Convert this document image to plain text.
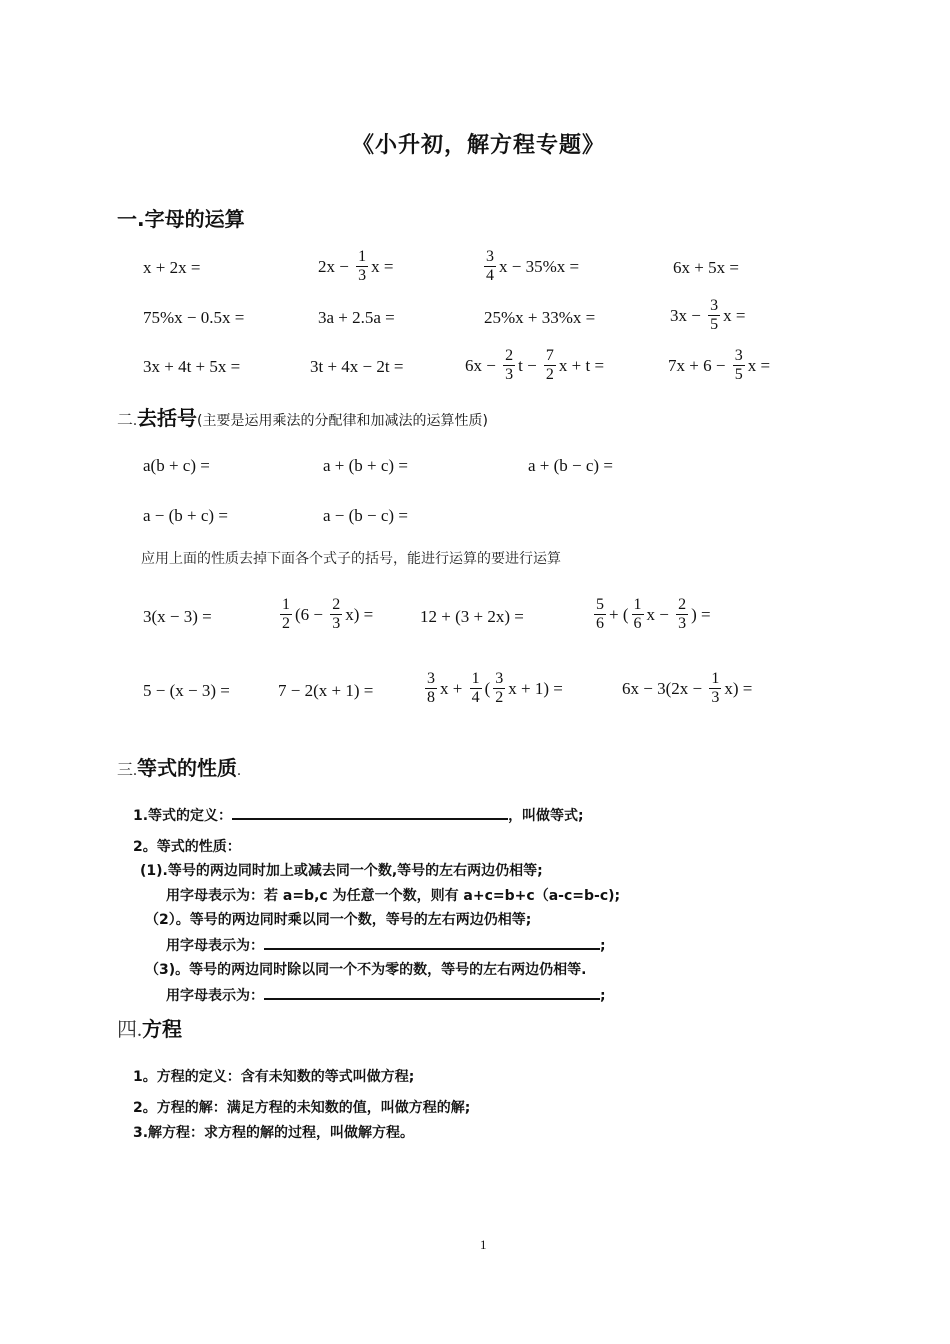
《小升初，解方程专题》
一.字母的运算
x + 2x =	$2x - \frac{1}{3}$ x =	$\frac{3}{4}$ x − 35%x =	6x + 5x =
75%x − 0.5x =	3a + 2.5a =	25%x + 33%x =	$3x - \frac{3}{5}$ x =
3x + 4t + 5x =	3t + 4x − 2t =	$6x - \frac{2}{3}$ $t - \frac{7}{2}$ x + t =	$7x + 6 - \frac{3}{5}$ x =
二. 去括号 (主要是运用乘法的分配律和加减法的运算性质)
a(b + c) =	a + (b + c) =	a + (b − c) =
a − (b + c) =	a − (b − c) =
应用上面的性质去掉下面各个式子的括号，能进行运算的要进行运算
3(x − 3) =	$\frac{1}{2} (6 - \frac{2}{3} x)$ =	12 + (3 + 2x) =	$\frac{5}{6}$ + ( $\frac{1}{6}$ $x - \frac{2}{3}$ ) =
5 − (x − 3) =	7 − 2(x + 1) =	$\frac{3}{8}$ $x + \frac{1}{4}$ ( $\frac{3}{2}$ x + 1) =	$6x - 3(2x - \frac{1}{3} x)$ =
三. 等式的性质 .
1.等式的定义：	，叫做等式;
2。等式的性质：
(1).等号的两边同时加上或减去同一个数,等号的左右两边仍相等;
用字母表示为：若 a=b,c 为任意一个数，则有 a+c=b+c（a-c=b-c);
（2）。等号的两边同时乘以同一个数，等号的左右两边仍相等;
用字母表示为：	;
（3)。等号的两边同时除以同一个不为零的数，等号的左右两边仍相等.
用字母表示为：	;
四. 方程
1。方程的定义：含有未知数的等式叫做方程;
2。方程的解：满足方程的未知数的值，叫做方程的解;
3.解方程：求方程的解的过程，叫做解方程。
1
